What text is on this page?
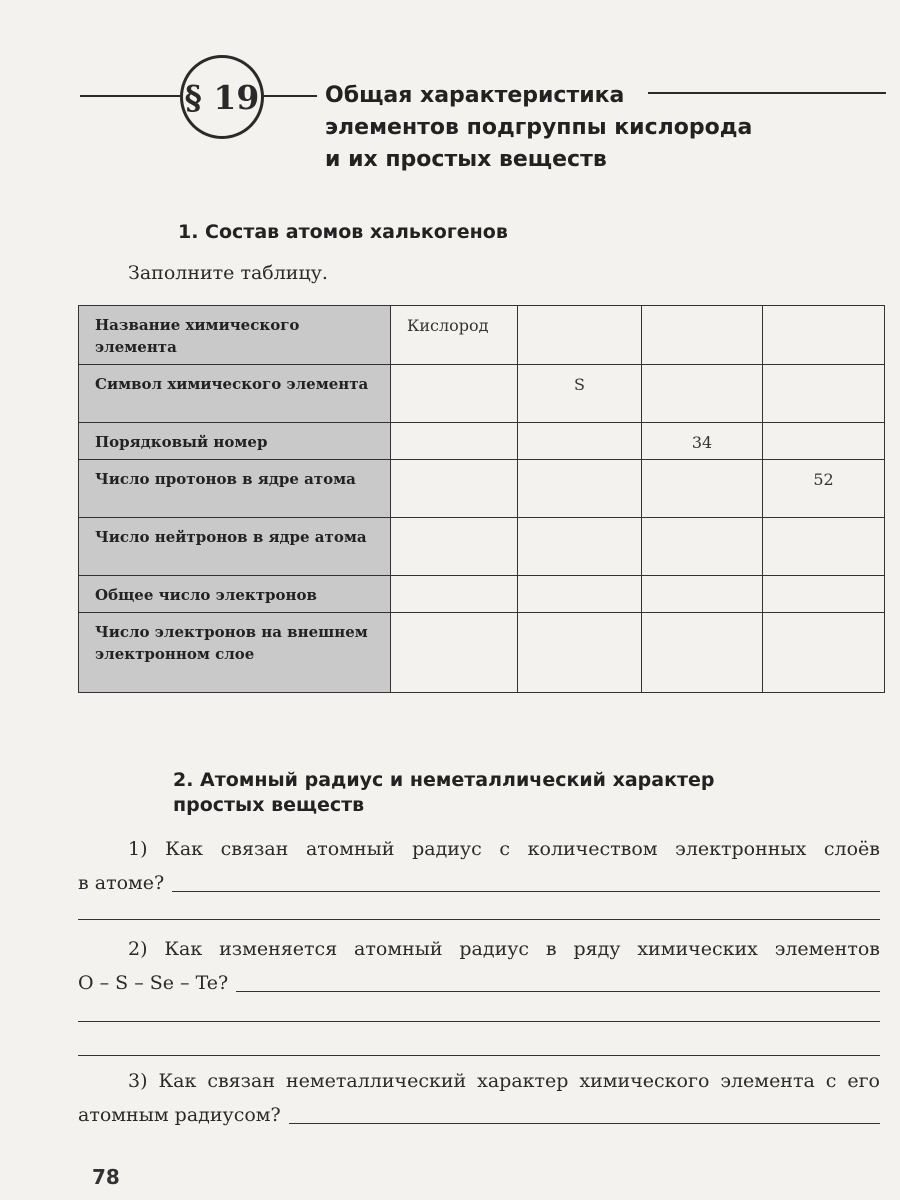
§ 19	Общая характеристика
элементов подгруппы кислорода
и их простых веществ
1. Состав атомов халькогенов
Заполните таблицу.
Название химического элемента	Кислород			
Символ химического элемента		S		
Порядковый номер			34	
Число протонов в ядре атома				52
Число нейтронов в ядре атома				
Общее число электронов				
Число электронов на внешнем электронном слое				
2. Атомный радиус и неметаллический характер
простых веществ
1) Как связан атомный радиус с количеством электронных слоёв
в атоме?
2) Как изменяется атомный радиус в ряду химических элементов
O – S – Se – Te?
3) Как связан неметаллический характер химического элемента с его
атомным радиусом?
78
